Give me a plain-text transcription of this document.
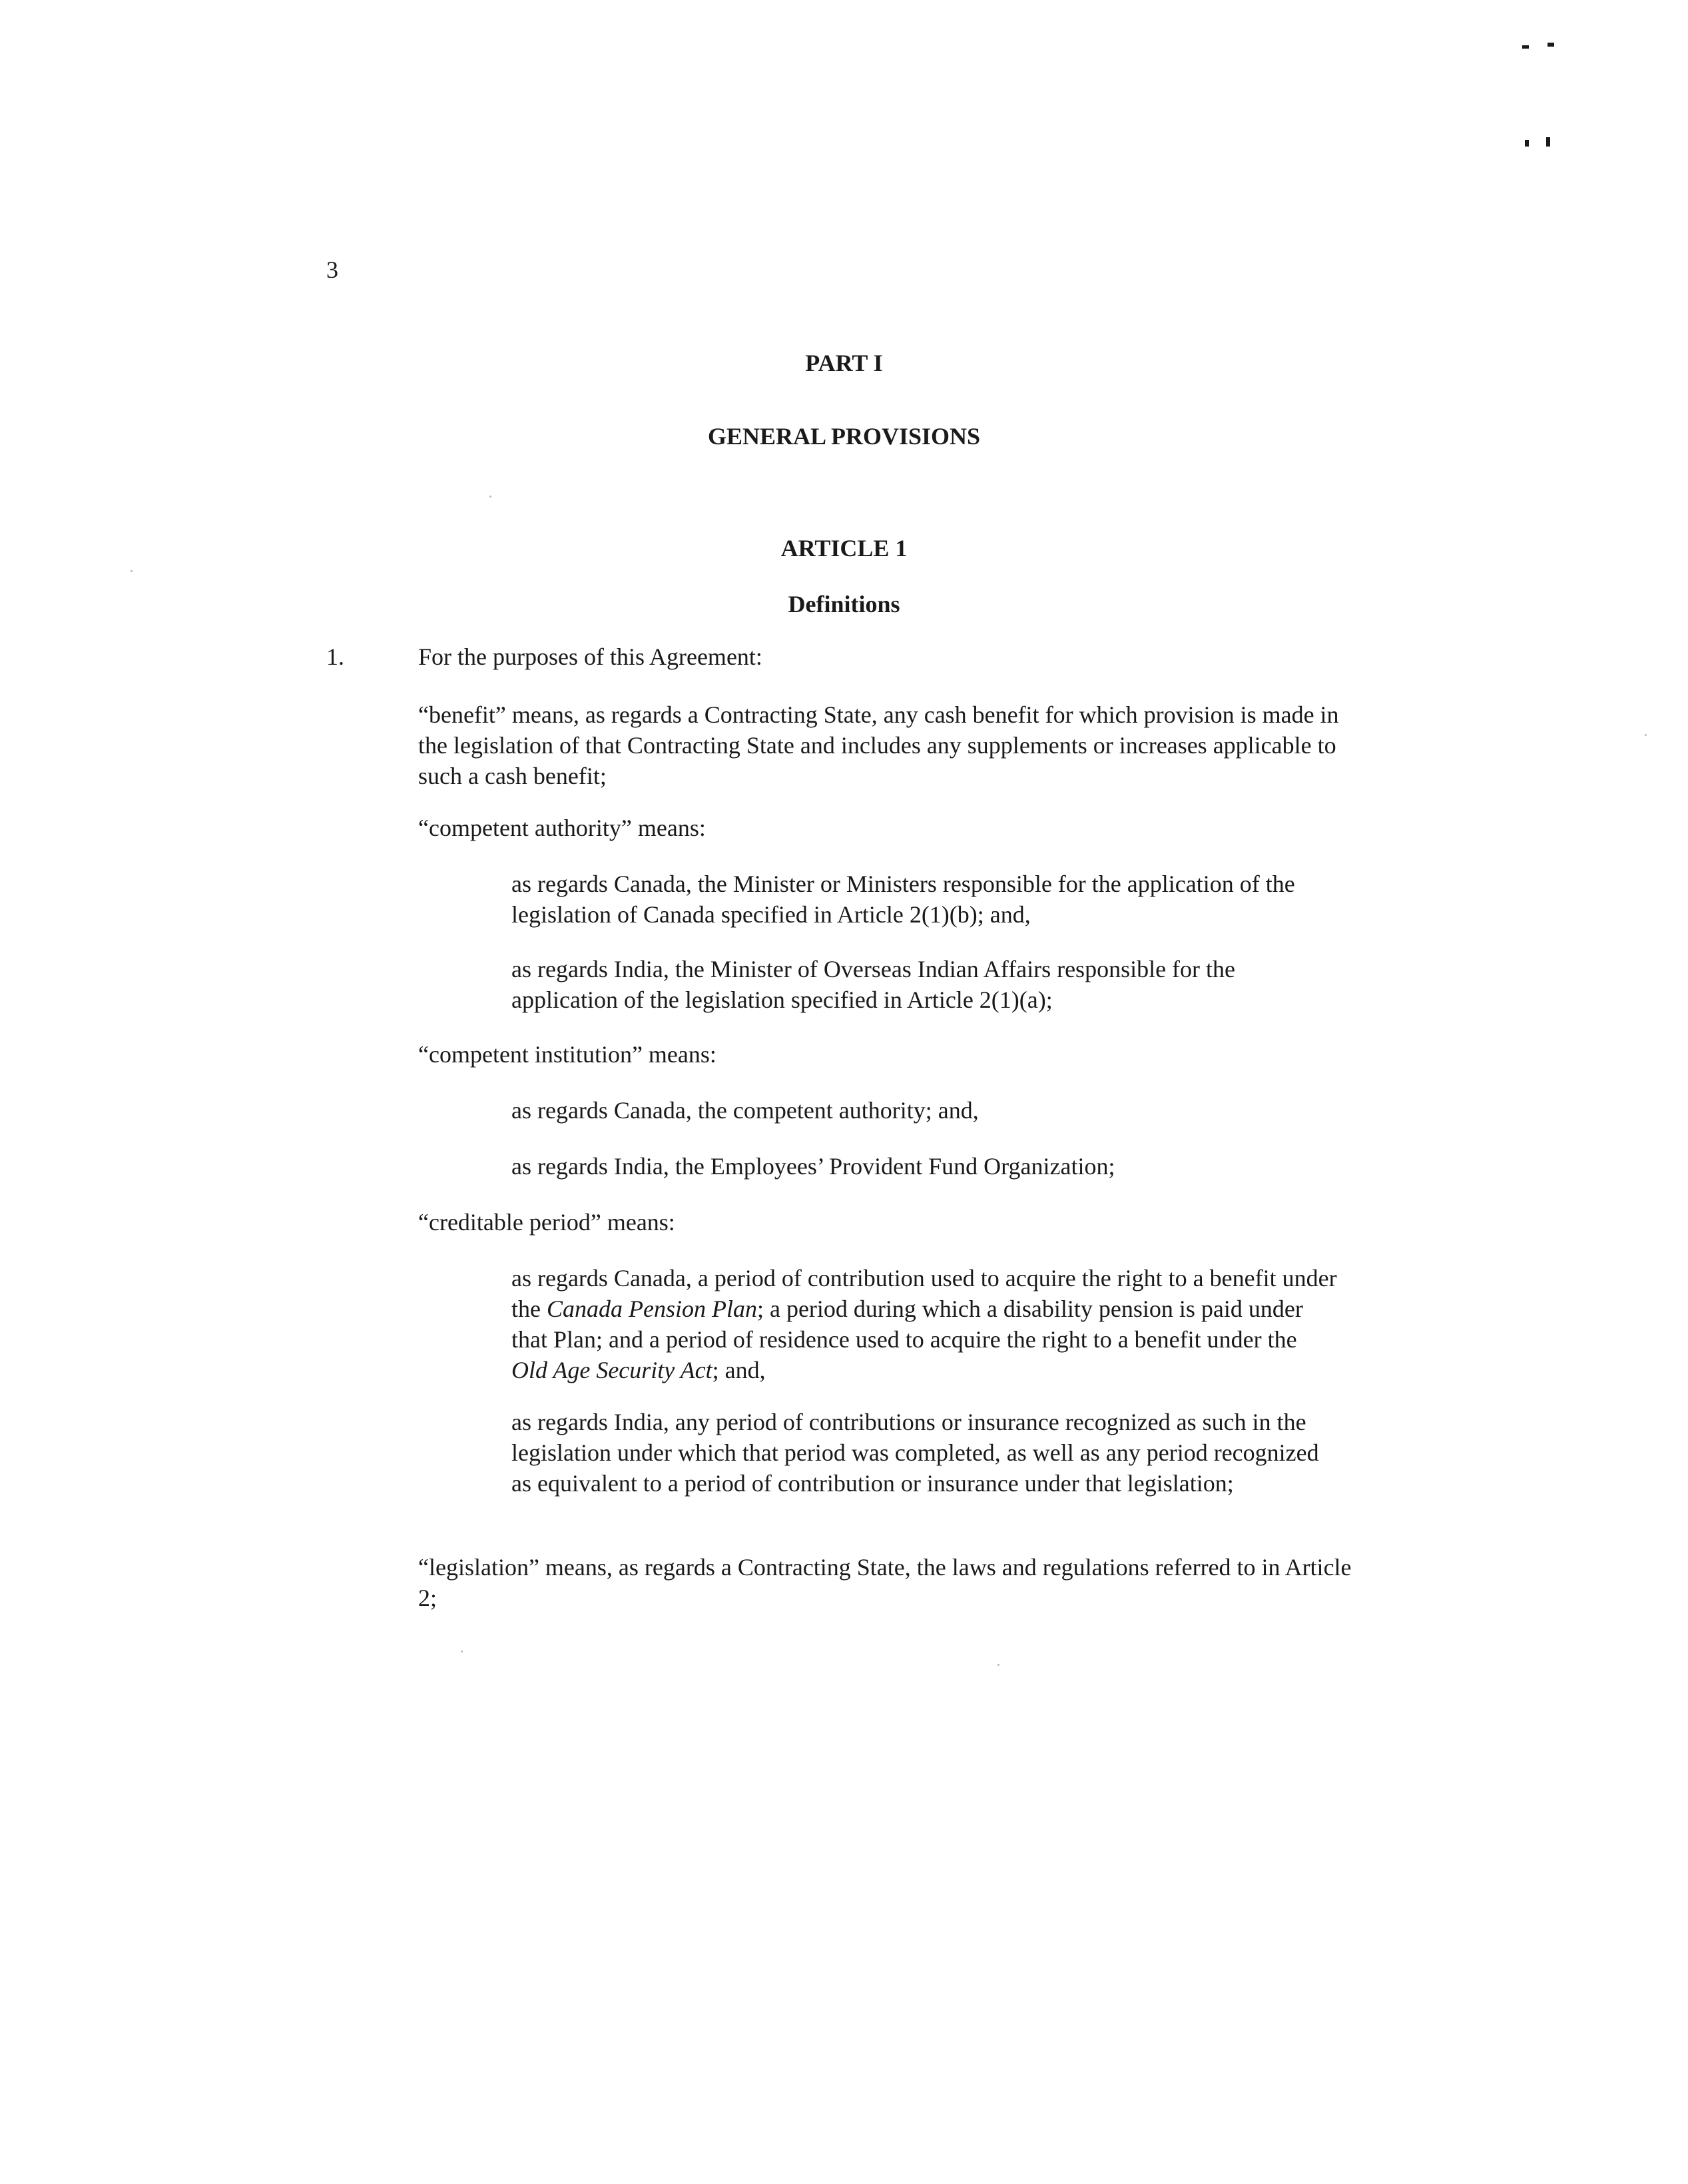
3
PART I
GENERAL PROVISIONS
ARTICLE 1
Definitions
1.	For the purposes of this Agreement:

“benefit” means, as regards a Contracting State, any cash benefit for which provision is made in the legislation of that Contracting State and includes any supplements or increases applicable to such a cash benefit;

“competent authority” means:

as regards Canada, the Minister or Ministers responsible for the application of the legislation of Canada specified in Article 2(1)(b); and,

as regards India, the Minister of Overseas Indian Affairs responsible for the application of the legislation specified in Article 2(1)(a);

“competent institution” means:

as regards Canada, the competent authority; and,

as regards India, the Employees’ Provident Fund Organization;

“creditable period” means:

as regards Canada, a period of contribution used to acquire the right to a benefit under the Canada Pension Plan; a period during which a disability pension is paid under that Plan; and a period of residence used to acquire the right to a benefit under the Old Age Security Act; and,

as regards India, any period of contributions or insurance recognized as such in the legislation under which that period was completed, as well as any period recognized as equivalent to a period of contribution or insurance under that legislation;

“legislation” means, as regards a Contracting State, the laws and regulations referred to in Article 2;
